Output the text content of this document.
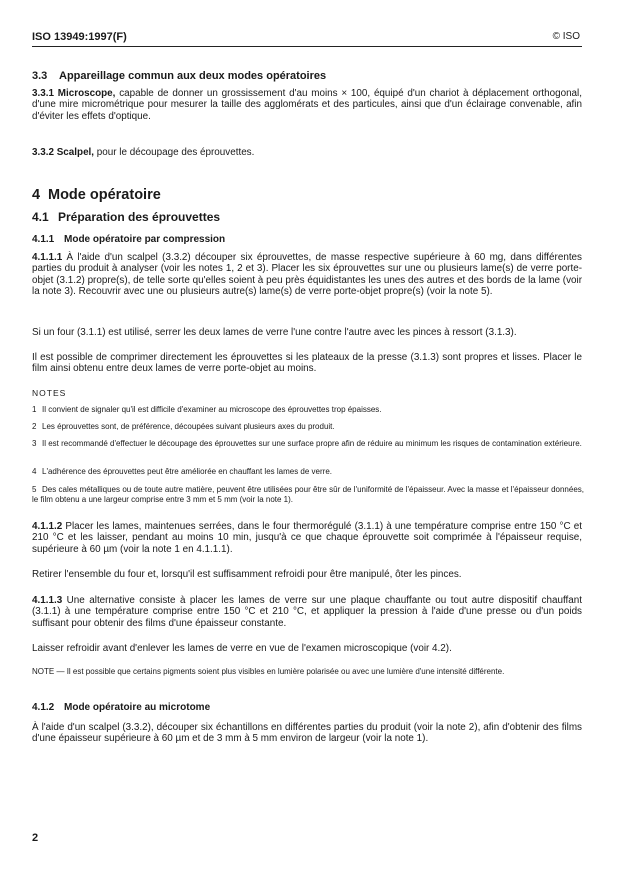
ISO 13949:1997(F)	© ISO
3.3 Appareillage commun aux deux modes opératoires

3.3.1 Microscope, capable de donner un grossissement d'au moins × 100, équipé d'un chariot à déplacement orthogonal, d'une mire micrométrique pour mesurer la taille des agglomérats et des particules, ainsi que d'un éclairage convenable, afin d'éviter les effets d'optique.

3.3.2 Scalpel, pour le découpage des éprouvettes.

4 Mode opératoire
4.1 Préparation des éprouvettes
4.1.1 Mode opératoire par compression

4.1.1.1 À l'aide d'un scalpel (3.3.2) découper six éprouvettes, de masse respective supérieure à 60 mg, dans différentes parties du produit à analyser (voir les notes 1, 2 et 3). Placer les six éprouvettes sur une ou plusieurs lame(s) de verre porte-objet (3.1.2) propre(s), de telle sorte qu'elles soient à peu près équidistantes les unes des autres et des bords de la lame (voir la note 3). Recouvrir avec une ou plusieurs autre(s) lame(s) de verre porte-objet propre(s) (voir la note 5).

Si un four (3.1.1) est utilisé, serrer les deux lames de verre l'une contre l'autre avec les pinces à ressort (3.1.3).

Il est possible de comprimer directement les éprouvettes si les plateaux de la presse (3.1.3) sont propres et lisses. Placer le film ainsi obtenu entre deux lames de verre porte-objet au moins.

NOTES

1 Il convient de signaler qu'il est difficile d'examiner au microscope des éprouvettes trop épaisses.

2 Les éprouvettes sont, de préférence, découpées suivant plusieurs axes du produit.

3 Il est recommandé d'effectuer le découpage des éprouvettes sur une surface propre afin de réduire au minimum les risques de contamination extérieure.

4 L'adhérence des éprouvettes peut être améliorée en chauffant les lames de verre.

5 Des cales métalliques ou de toute autre matière, peuvent être utilisées pour être sûr de l'uniformité de l'épaisseur. Avec la masse et l'épaisseur données, le film obtenu a une largeur comprise entre 3 mm et 5 mm (voir la note 1).

4.1.1.2 Placer les lames, maintenues serrées, dans le four thermorégulé (3.1.1) à une température comprise entre 150 °C et 210 °C et les laisser, pendant au moins 10 min, jusqu'à ce que chaque éprouvette soit comprimée à l'épaisseur requise, supérieure à 60 µm (voir la note 1 en 4.1.1.1).

Retirer l'ensemble du four et, lorsqu'il est suffisamment refroidi pour être manipulé, ôter les pinces.

4.1.1.3 Une alternative consiste à placer les lames de verre sur une plaque chauffante ou tout autre dispositif chauffant (3.1.1) à une température comprise entre 150 °C et 210 °C, et appliquer la pression à l'aide d'une presse ou d'un poids suffisant pour obtenir des films d'une épaisseur constante.

Laisser refroidir avant d'enlever les lames de verre en vue de l'examen microscopique (voir 4.2).

NOTE — Il est possible que certains pigments soient plus visibles en lumière polarisée ou avec une lumière d'une intensité différente.

4.1.2 Mode opératoire au microtome

À l'aide d'un scalpel (3.3.2), découper six échantillons en différentes parties du produit (voir la note 2), afin d'obtenir des films d'une épaisseur supérieure à 60 µm et de 3 mm à 5 mm environ de largeur (voir la note 1).

2
